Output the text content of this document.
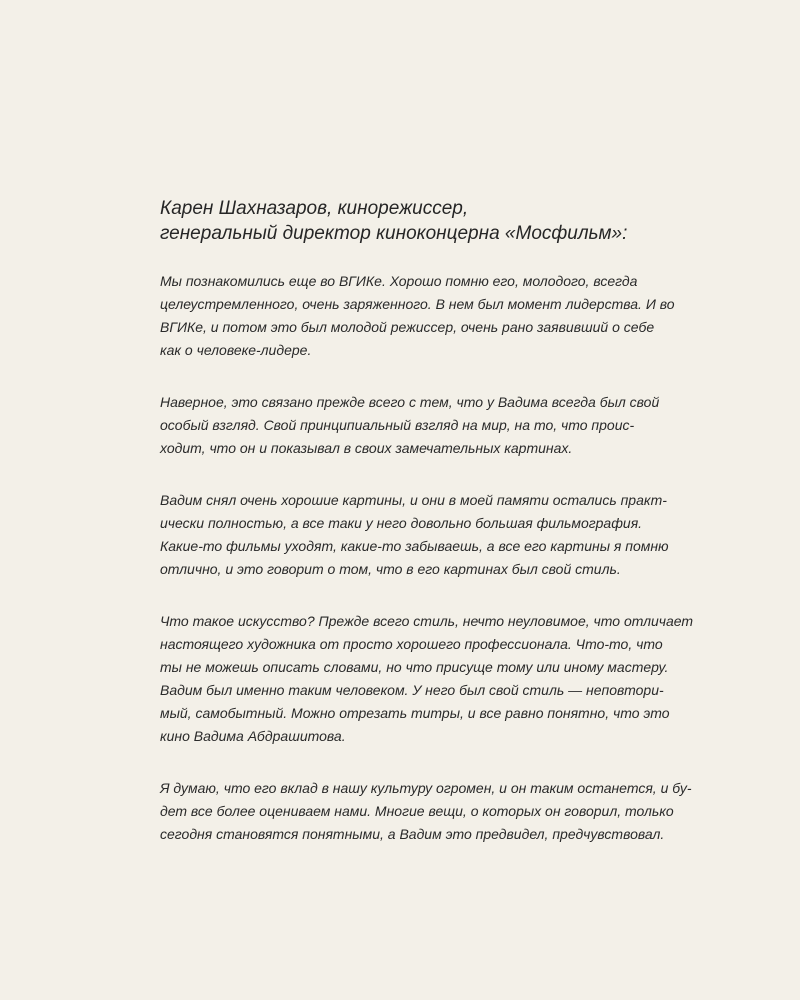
Карен Шахназаров, кинорежиссер,
генеральный директор киноконцерна «Мосфильм»:

Мы познакомились еще во ВГИКе. Хорошо помню его, молодого, всегда
целеустремленного, очень заряженного. В нем был момент лидерства. И во
ВГИКе, и потом это был молодой режиссер, очень рано заявивший о себе
как о человеке-лидере.

Наверное, это связано прежде всего с тем, что у Вадима всегда был свой
особый взгляд. Свой принципиальный взгляд на мир, на то, что проис-
ходит, что он и показывал в своих замечательных картинах.

Вадим снял очень хорошие картины, и они в моей памяти остались практ-
ически полностью, а все таки у него довольно большая фильмография.
Какие-то фильмы уходят, какие-то забываешь, а все его картины я помню
отлично, и это говорит о том, что в его картинах был свой стиль.

Что такое искусство? Прежде всего стиль, нечто неуловимое, что отличает
настоящего художника от просто хорошего профессионала. Что-то, что
ты не можешь описать словами, но что присуще тому или иному мастеру.
Вадим был именно таким человеком. У него был свой стиль — неповтори-
мый, самобытный. Можно отрезать титры, и все равно понятно, что это
кино Вадима Абдрашитова.

Я думаю, что его вклад в нашу культуру огромен, и он таким останется, и бу-
дет все более оцениваем нами. Многие вещи, о которых он говорил, только
сегодня становятся понятными, а Вадим это предвидел, предчувствовал.
